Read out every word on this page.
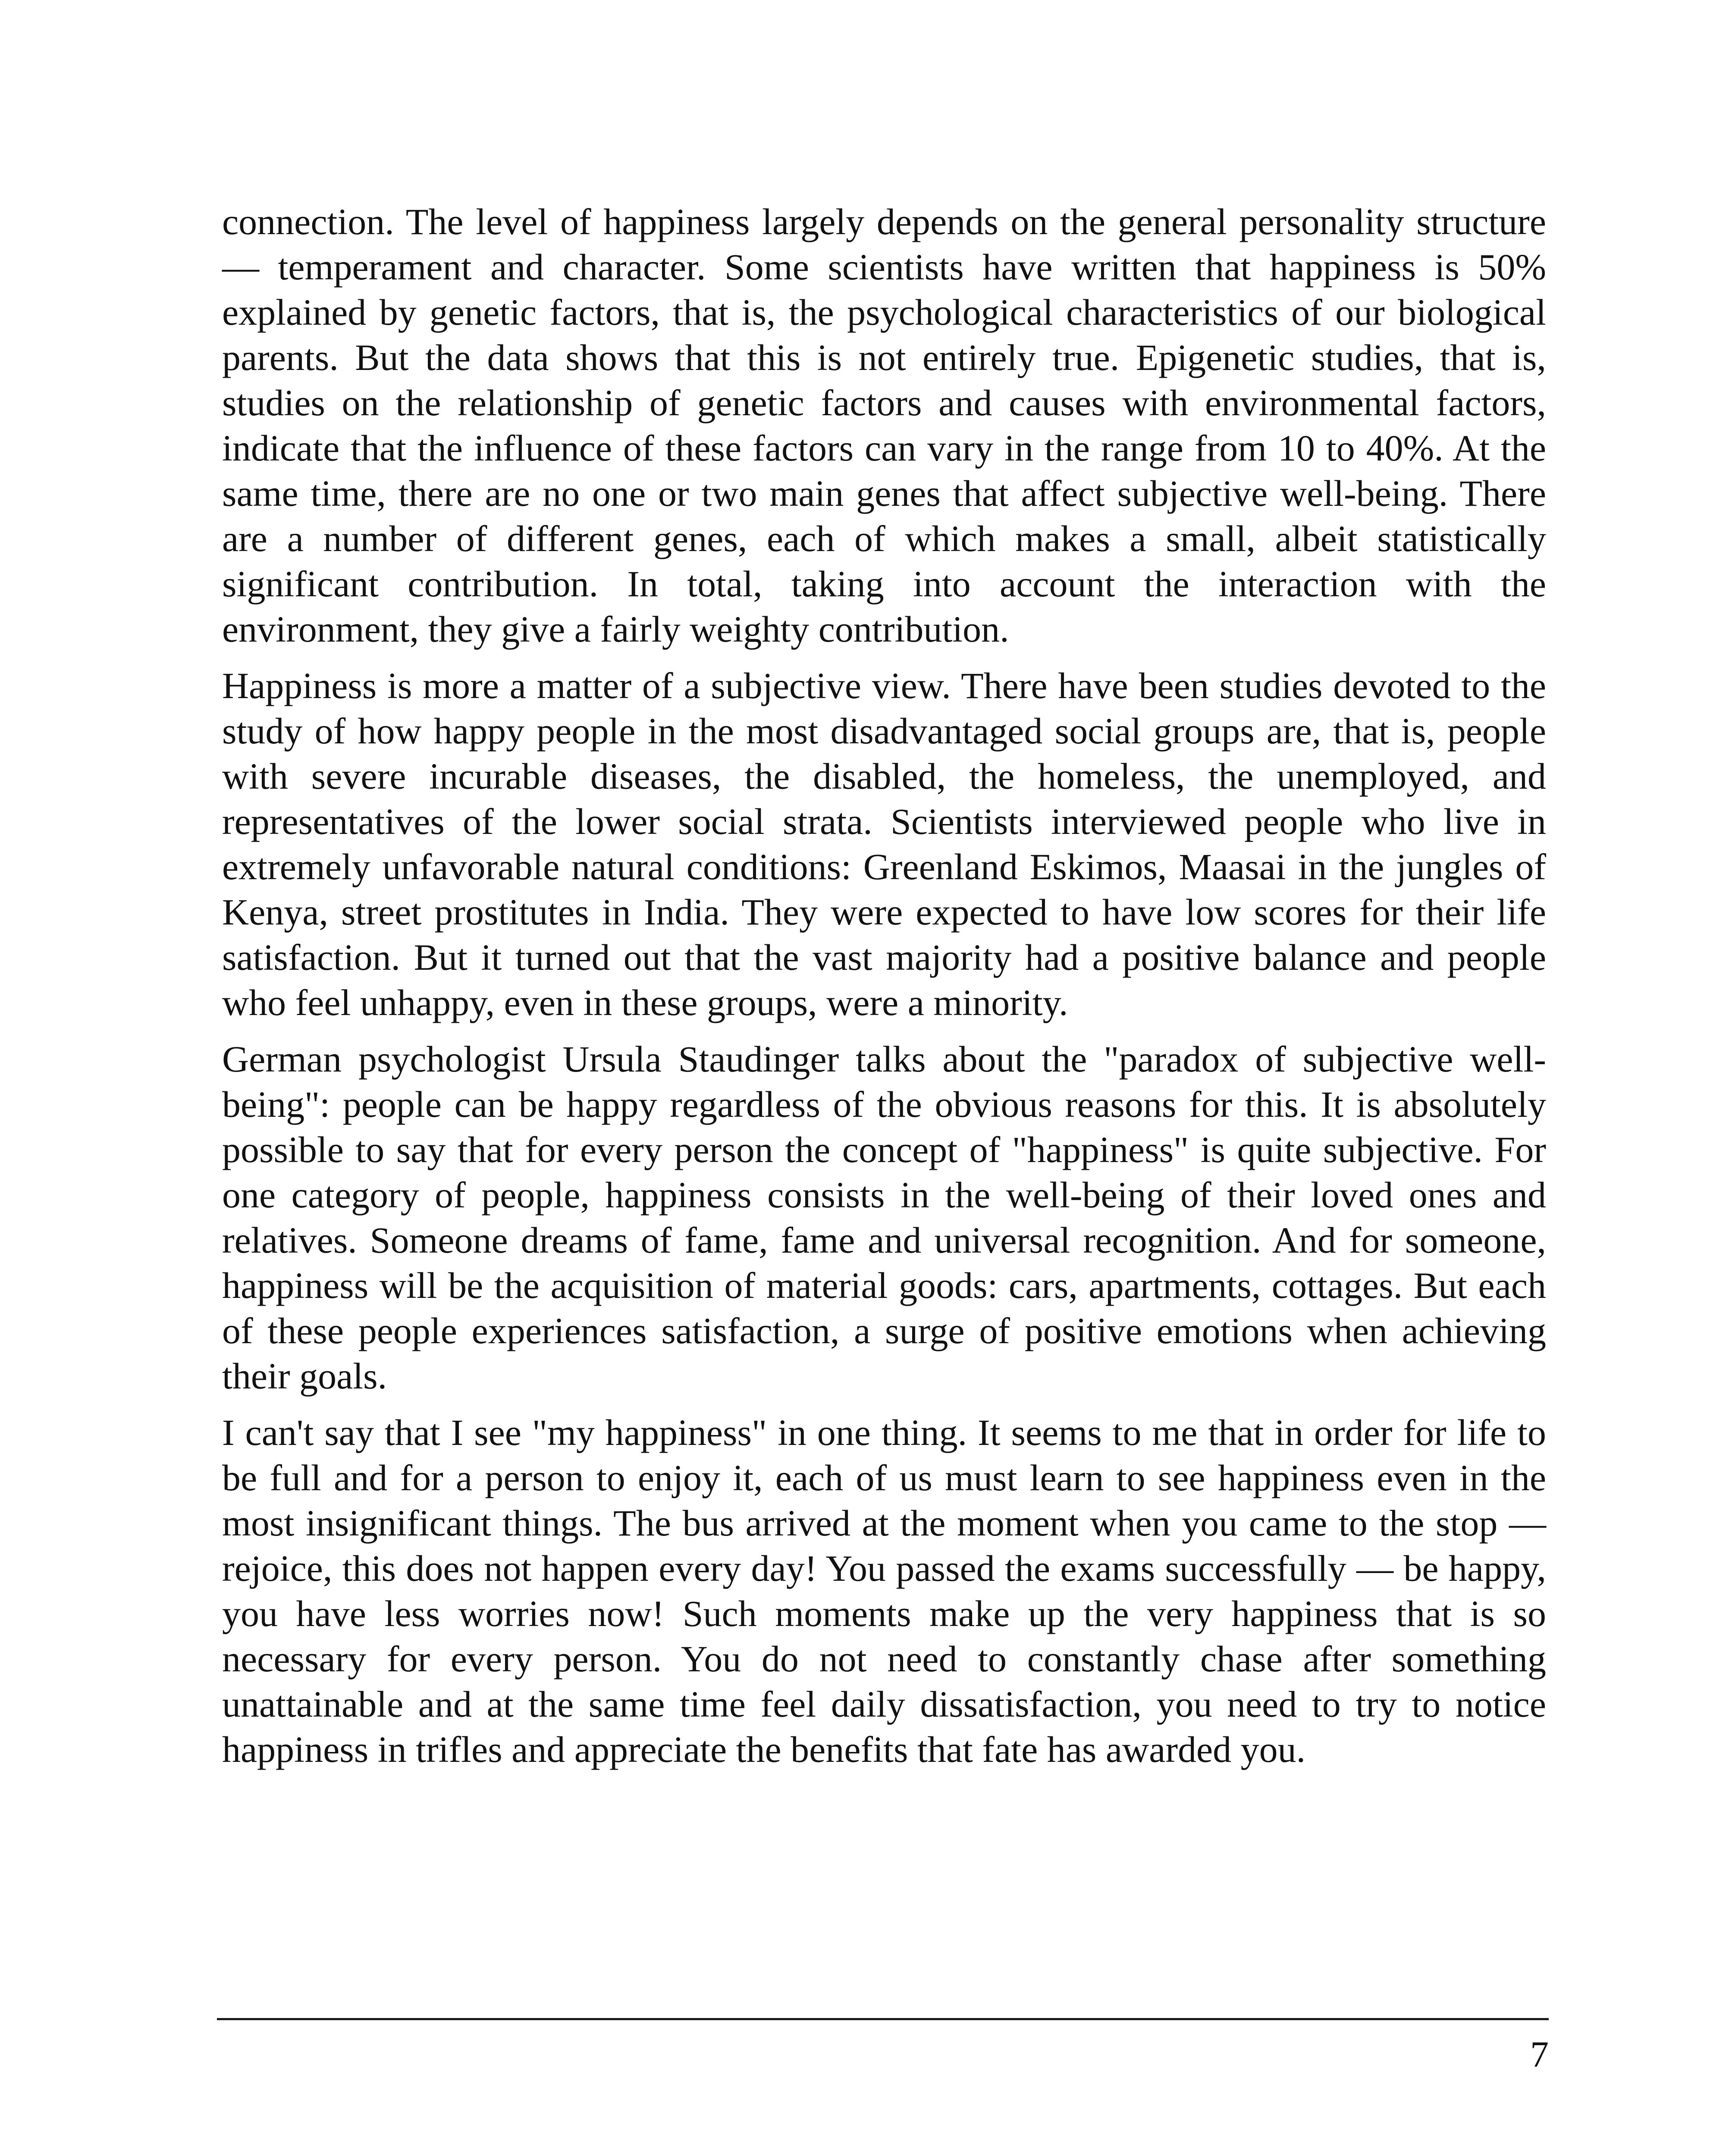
connection. The level of happiness largely depends on the general personality structure — temperament and character. Some scientists have written that happiness is 50% explained by genetic factors, that is, the psychological characteristics of our biological parents. But the data shows that this is not entirely true. Epigenetic studies, that is, studies on the relationship of genetic factors and causes with environmental factors, indicate that the influence of these factors can vary in the range from 10 to 40%. At the same time, there are no one or two main genes that affect subjective well-being. There are a number of different genes, each of which makes a small, albeit statistically significant contribution. In total, taking into account the interaction with the environment, they give a fairly weighty contribution.

Happiness is more a matter of a subjective view. There have been studies devoted to the study of how happy people in the most disadvantaged social groups are, that is, people with severe incurable diseases, the disabled, the homeless, the unemployed, and representatives of the lower social strata. Scientists interviewed people who live in extremely unfavorable natural conditions: Greenland Eskimos, Maasai in the jungles of Kenya, street prostitutes in India. They were expected to have low scores for their life satisfaction. But it turned out that the vast majority had a positive balance and people who feel unhappy, even in these groups, were a minority.

German psychologist Ursula Staudinger talks about the "paradox of subjective well-being": people can be happy regardless of the obvious reasons for this. It is absolutely possible to say that for every person the concept of "happiness" is quite subjective. For one category of people, happiness consists in the well-being of their loved ones and relatives. Someone dreams of fame, fame and universal recognition. And for someone, happiness will be the acquisition of material goods: cars, apartments, cottages. But each of these people experiences satisfaction, a surge of positive emotions when achieving their goals.

I can't say that I see "my happiness" in one thing. It seems to me that in order for life to be full and for a person to enjoy it, each of us must learn to see happiness even in the most insignificant things. The bus arrived at the moment when you came to the stop — rejoice, this does not happen every day! You passed the exams successfully — be happy, you have less worries now! Such moments make up the very happiness that is so necessary for every person. You do not need to constantly chase after something unattainable and at the same time feel daily dissatisfaction, you need to try to notice happiness in trifles and appreciate the benefits that fate has awarded you.

7
